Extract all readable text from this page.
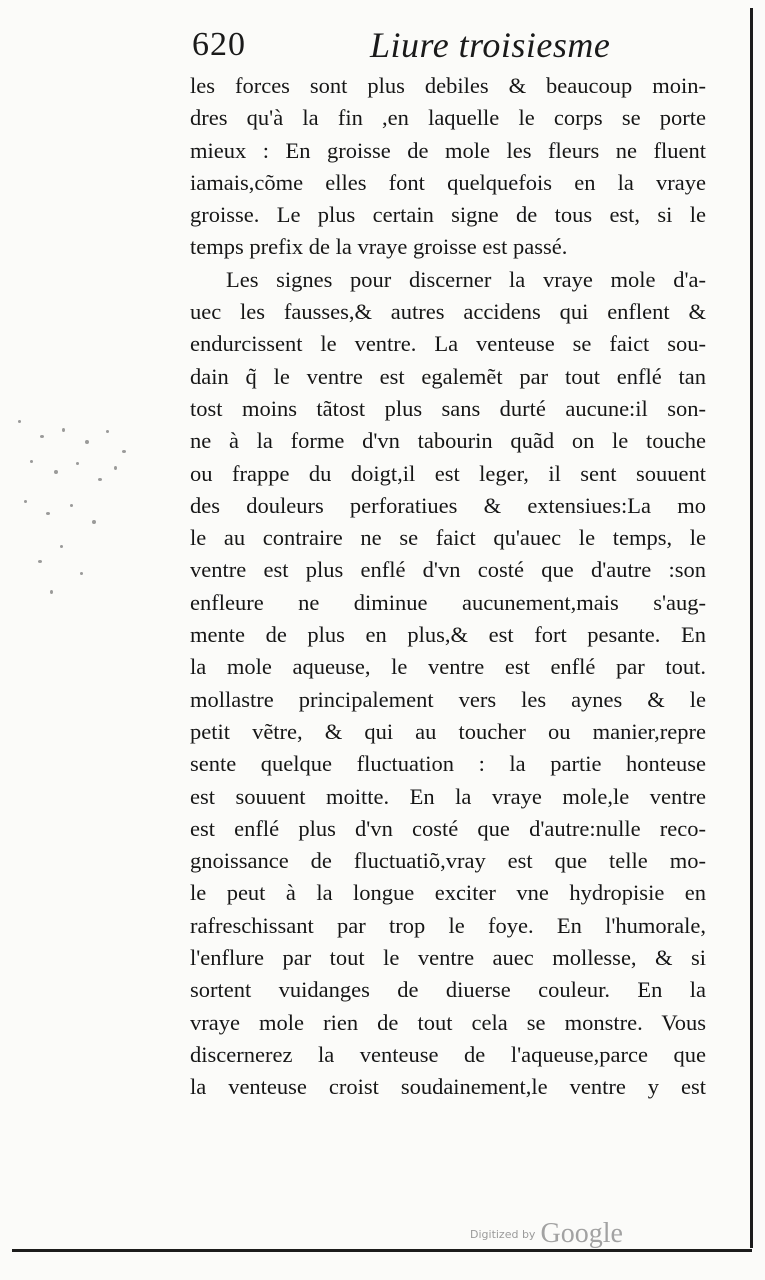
620	Liure troisiesme
les forces sont plus debiles & beaucoup moin-
dres qu'à la fin ,en laquelle le corps se porte
mieux : En groisse de mole les fleurs ne fluent
iamais,cõme elles font quelquefois en la vraye
groisse. Le plus certain signe de tous est, si le
temps prefix de la vraye groisse est passé.
Les signes pour discerner la vraye mole d'a-
uec les fausses,& autres accidens qui enflent &
endurcissent le ventre. La venteuse se faict sou-
dain q̃ le ventre est egalemẽt par tout enflé tan
tost moins tãtost plus sans durté aucune:il son-
ne à la forme d'vn tabourin quãd on le touche
ou frappe du doigt,il est leger, il sent souuent
des douleurs perforatiues & extensiues:La mo
le au contraire ne se faict qu'auec le temps, le
ventre est plus enflé d'vn costé que d'autre :son
enfleure ne diminue aucunement,mais s'aug-
mente de plus en plus,& est fort pesante. En
la mole aqueuse, le ventre est enflé par tout.
mollastre principalement vers les aynes & le
petit vẽtre, & qui au toucher ou manier,repre
sente quelque fluctuation : la partie honteuse
est souuent moitte. En la vraye mole,le ventre
est enflé plus d'vn costé que d'autre:nulle reco-
gnoissance de fluctuatiõ,vray est que telle mo-
le peut à la longue exciter vne hydropisie en
rafreschissant par trop le foye. En l'humorale,
l'enflure par tout le ventre auec mollesse, & si
sortent vuidanges de diuerse couleur. En la
vraye mole rien de tout cela se monstre. Vous
discernerez la venteuse de l'aqueuse,parce que
la venteuse croist soudainement,le ventre y est
$^{Digitized by}$ Google
